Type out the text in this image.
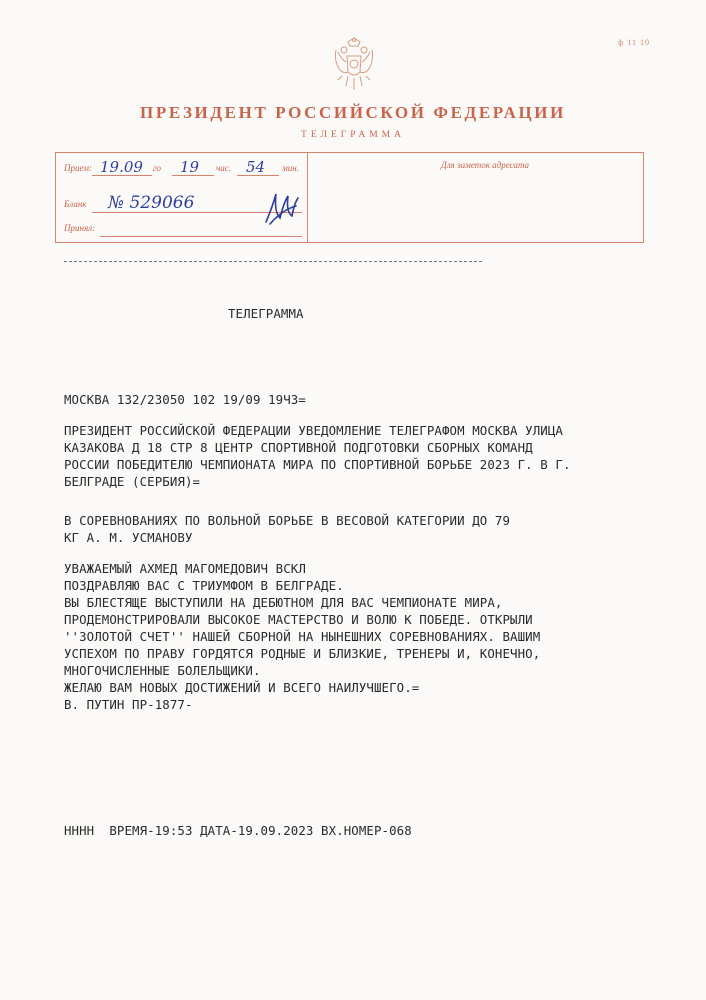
ф 11 10
ПРЕЗИДЕНТ РОССИЙСКОЙ ФЕДЕРАЦИИ
ТЕЛЕГРАММА
Прием: 19.09 го 19 час. 54 мин.
Бланк № 529066
Принял:
Для заметок адресата
ТЕЛЕГРАММА
МОСКВА 132/23050 102 19/09 19Ч3=
ПРЕЗИДЕНТ РОССИЙСКОЙ ФЕДЕРАЦИИ УВЕДОМЛЕНИЕ ТЕЛЕГРАФОМ МОСКВА УЛИЦА
КАЗАКОВА Д 18 СТР 8 ЦЕНТР СПОРТИВНОЙ ПОДГОТОВКИ СБОРНЫХ КОМАНД
РОССИИ ПОБЕДИТЕЛЮ ЧЕМПИОНАТА МИРА ПО СПОРТИВНОЙ БОРЬБЕ 2023 Г. В Г.
БЕЛГРАДЕ (СЕРБИЯ)=
В СОРЕВНОВАНИЯХ ПО ВОЛЬНОЙ БОРЬБЕ В ВЕСОВОЙ КАТЕГОРИИ ДО 79
КГ А. М. УСМАНОВУ
УВАЖАЕМЫЙ АХМЕД МАГОМЕДОВИЧ ВСКЛ
ПОЗДРАВЛЯЮ ВАС С ТРИУМФОМ В БЕЛГРАДЕ.
ВЫ БЛЕСТЯЩЕ ВЫСТУПИЛИ НА ДЕБЮТНОМ ДЛЯ ВАС ЧЕМПИОНАТЕ МИРА,
ПРОДЕМОНСТРИРОВАЛИ ВЫСОКОЕ МАСТЕРСТВО И ВОЛЮ К ПОБЕДЕ. ОТКРЫЛИ
''ЗОЛОТОЙ СЧЕТ'' НАШЕЙ СБОРНОЙ НА НЫНЕШНИХ СОРЕВНОВАНИЯХ. ВАШИМ
УСПЕХОМ ПО ПРАВУ ГОРДЯТСЯ РОДНЫЕ И БЛИЗКИЕ, ТРЕНЕРЫ И, КОНЕЧНО,
МНОГОЧИСЛЕННЫЕ БОЛЕЛЬЩИКИ.
ЖЕЛАЮ ВАМ НОВЫХ ДОСТИЖЕНИЙ И ВСЕГО НАИЛУЧШЕГО.=
В. ПУТИН ПР-1877-
НННН  ВРЕМЯ-19:53 ДАТА-19.09.2023 ВХ.НОМЕР-068
